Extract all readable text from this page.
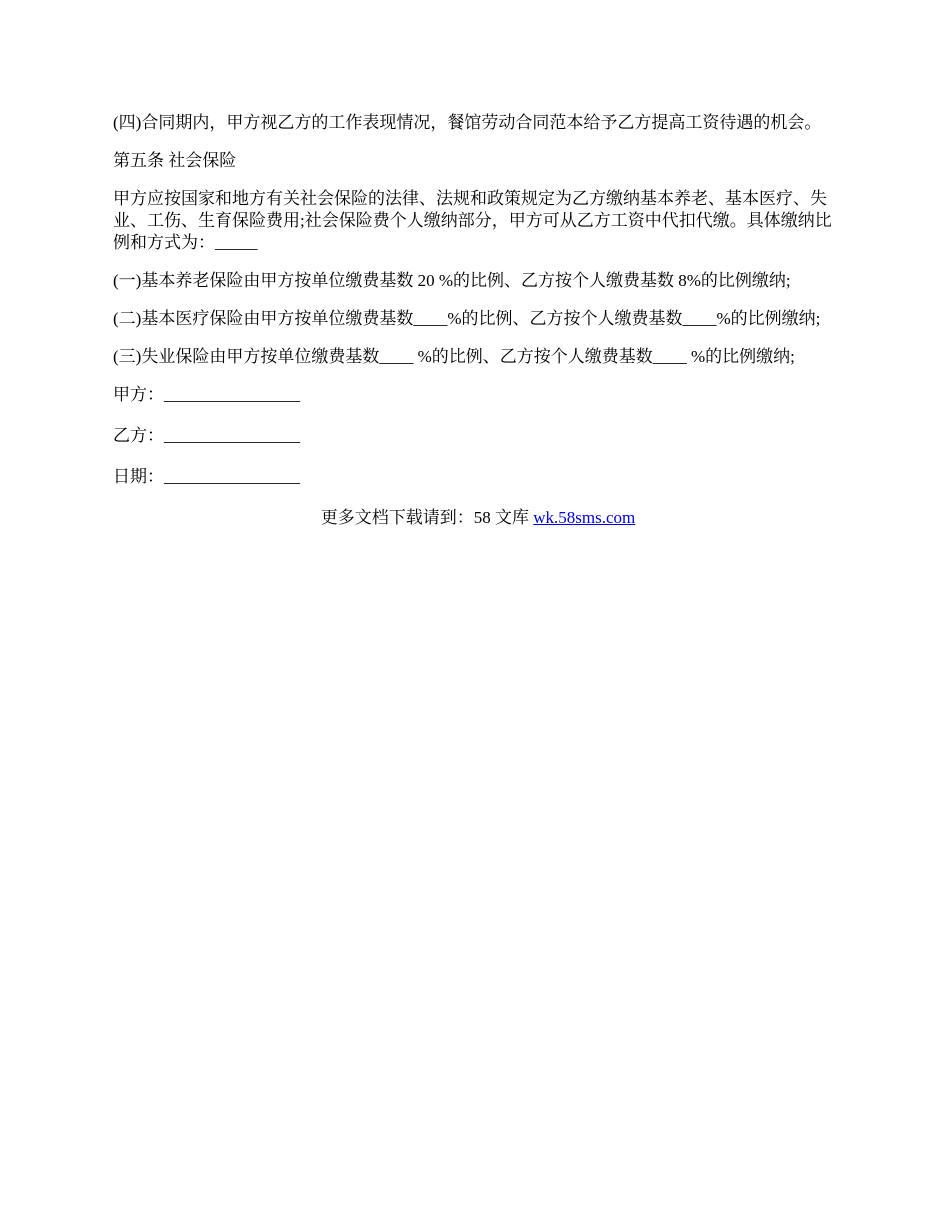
(四)合同期内，甲方视乙方的工作表现情况，餐馆劳动合同范本给予乙方提高工资待遇的机会。

第五条 社会保险

甲方应按国家和地方有关社会保险的法律、法规和政策规定为乙方缴纳基本养老、基本医疗、失业、工伤、生育保险费用;社会保险费个人缴纳部分，甲方可从乙方工资中代扣代缴。具体缴纳比例和方式为：_____

(一)基本养老保险由甲方按单位缴费基数 20 %的比例、乙方按个人缴费基数 8%的比例缴纳;

(二)基本医疗保险由甲方按单位缴费基数____%的比例、乙方按个人缴费基数____%的比例缴纳;

(三)失业保险由甲方按单位缴费基数____ %的比例、乙方按个人缴费基数____ %的比例缴纳;

甲方：________________
乙方：________________
日期：________________
更多文档下载请到：58 文库 wk.58sms.com
